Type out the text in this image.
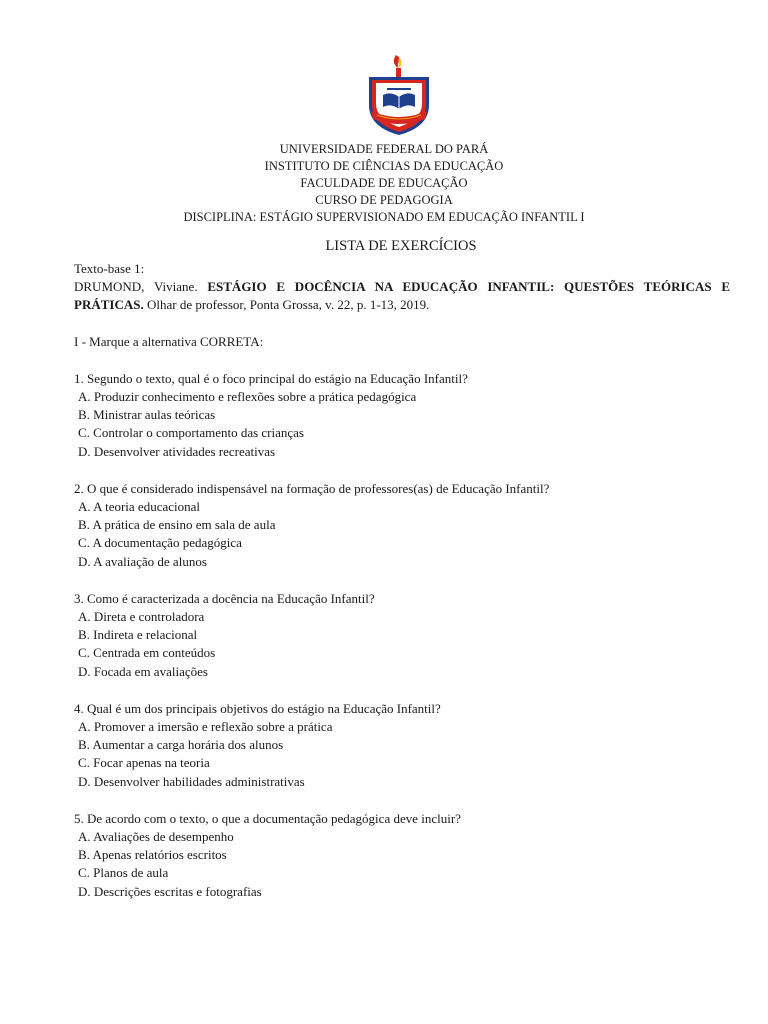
UNIVERSIDADE FEDERAL DO PARÁ
INSTITUTO DE CIÊNCIAS DA EDUCAÇÃO
FACULDADE DE EDUCAÇÃO
CURSO DE PEDAGOGIA
DISCIPLINA: ESTÁGIO SUPERVISIONADO EM EDUCAÇÃO INFANTIL I
LISTA DE EXERCÍCIOS
Texto-base 1:
DRUMOND, Viviane. ESTÁGIO E DOCÊNCIA NA EDUCAÇÃO INFANTIL: QUESTÕES TEÓRICAS E PRÁTICAS. Olhar de professor, Ponta Grossa, v. 22, p. 1-13, 2019.
I - Marque a alternativa CORRETA:
1. Segundo o texto, qual é o foco principal do estágio na Educação Infantil?
A. Produzir conhecimento e reflexões sobre a prática pedagógica
B. Ministrar aulas teóricas
C. Controlar o comportamento das crianças
D. Desenvolver atividades recreativas
2. O que é considerado indispensável na formação de professores(as) de Educação Infantil?
A. A teoria educacional
B. A prática de ensino em sala de aula
C. A documentação pedagógica
D. A avaliação de alunos
3. Como é caracterizada a docência na Educação Infantil?
A. Direta e controladora
B. Indireta e relacional
C. Centrada em conteúdos
D. Focada em avaliações
4. Qual é um dos principais objetivos do estágio na Educação Infantil?
A. Promover a imersão e reflexão sobre a prática
B. Aumentar a carga horária dos alunos
C. Focar apenas na teoria
D. Desenvolver habilidades administrativas
5. De acordo com o texto, o que a documentação pedagógica deve incluir?
A. Avaliações de desempenho
B. Apenas relatórios escritos
C. Planos de aula
D. Descrições escritas e fotografias
